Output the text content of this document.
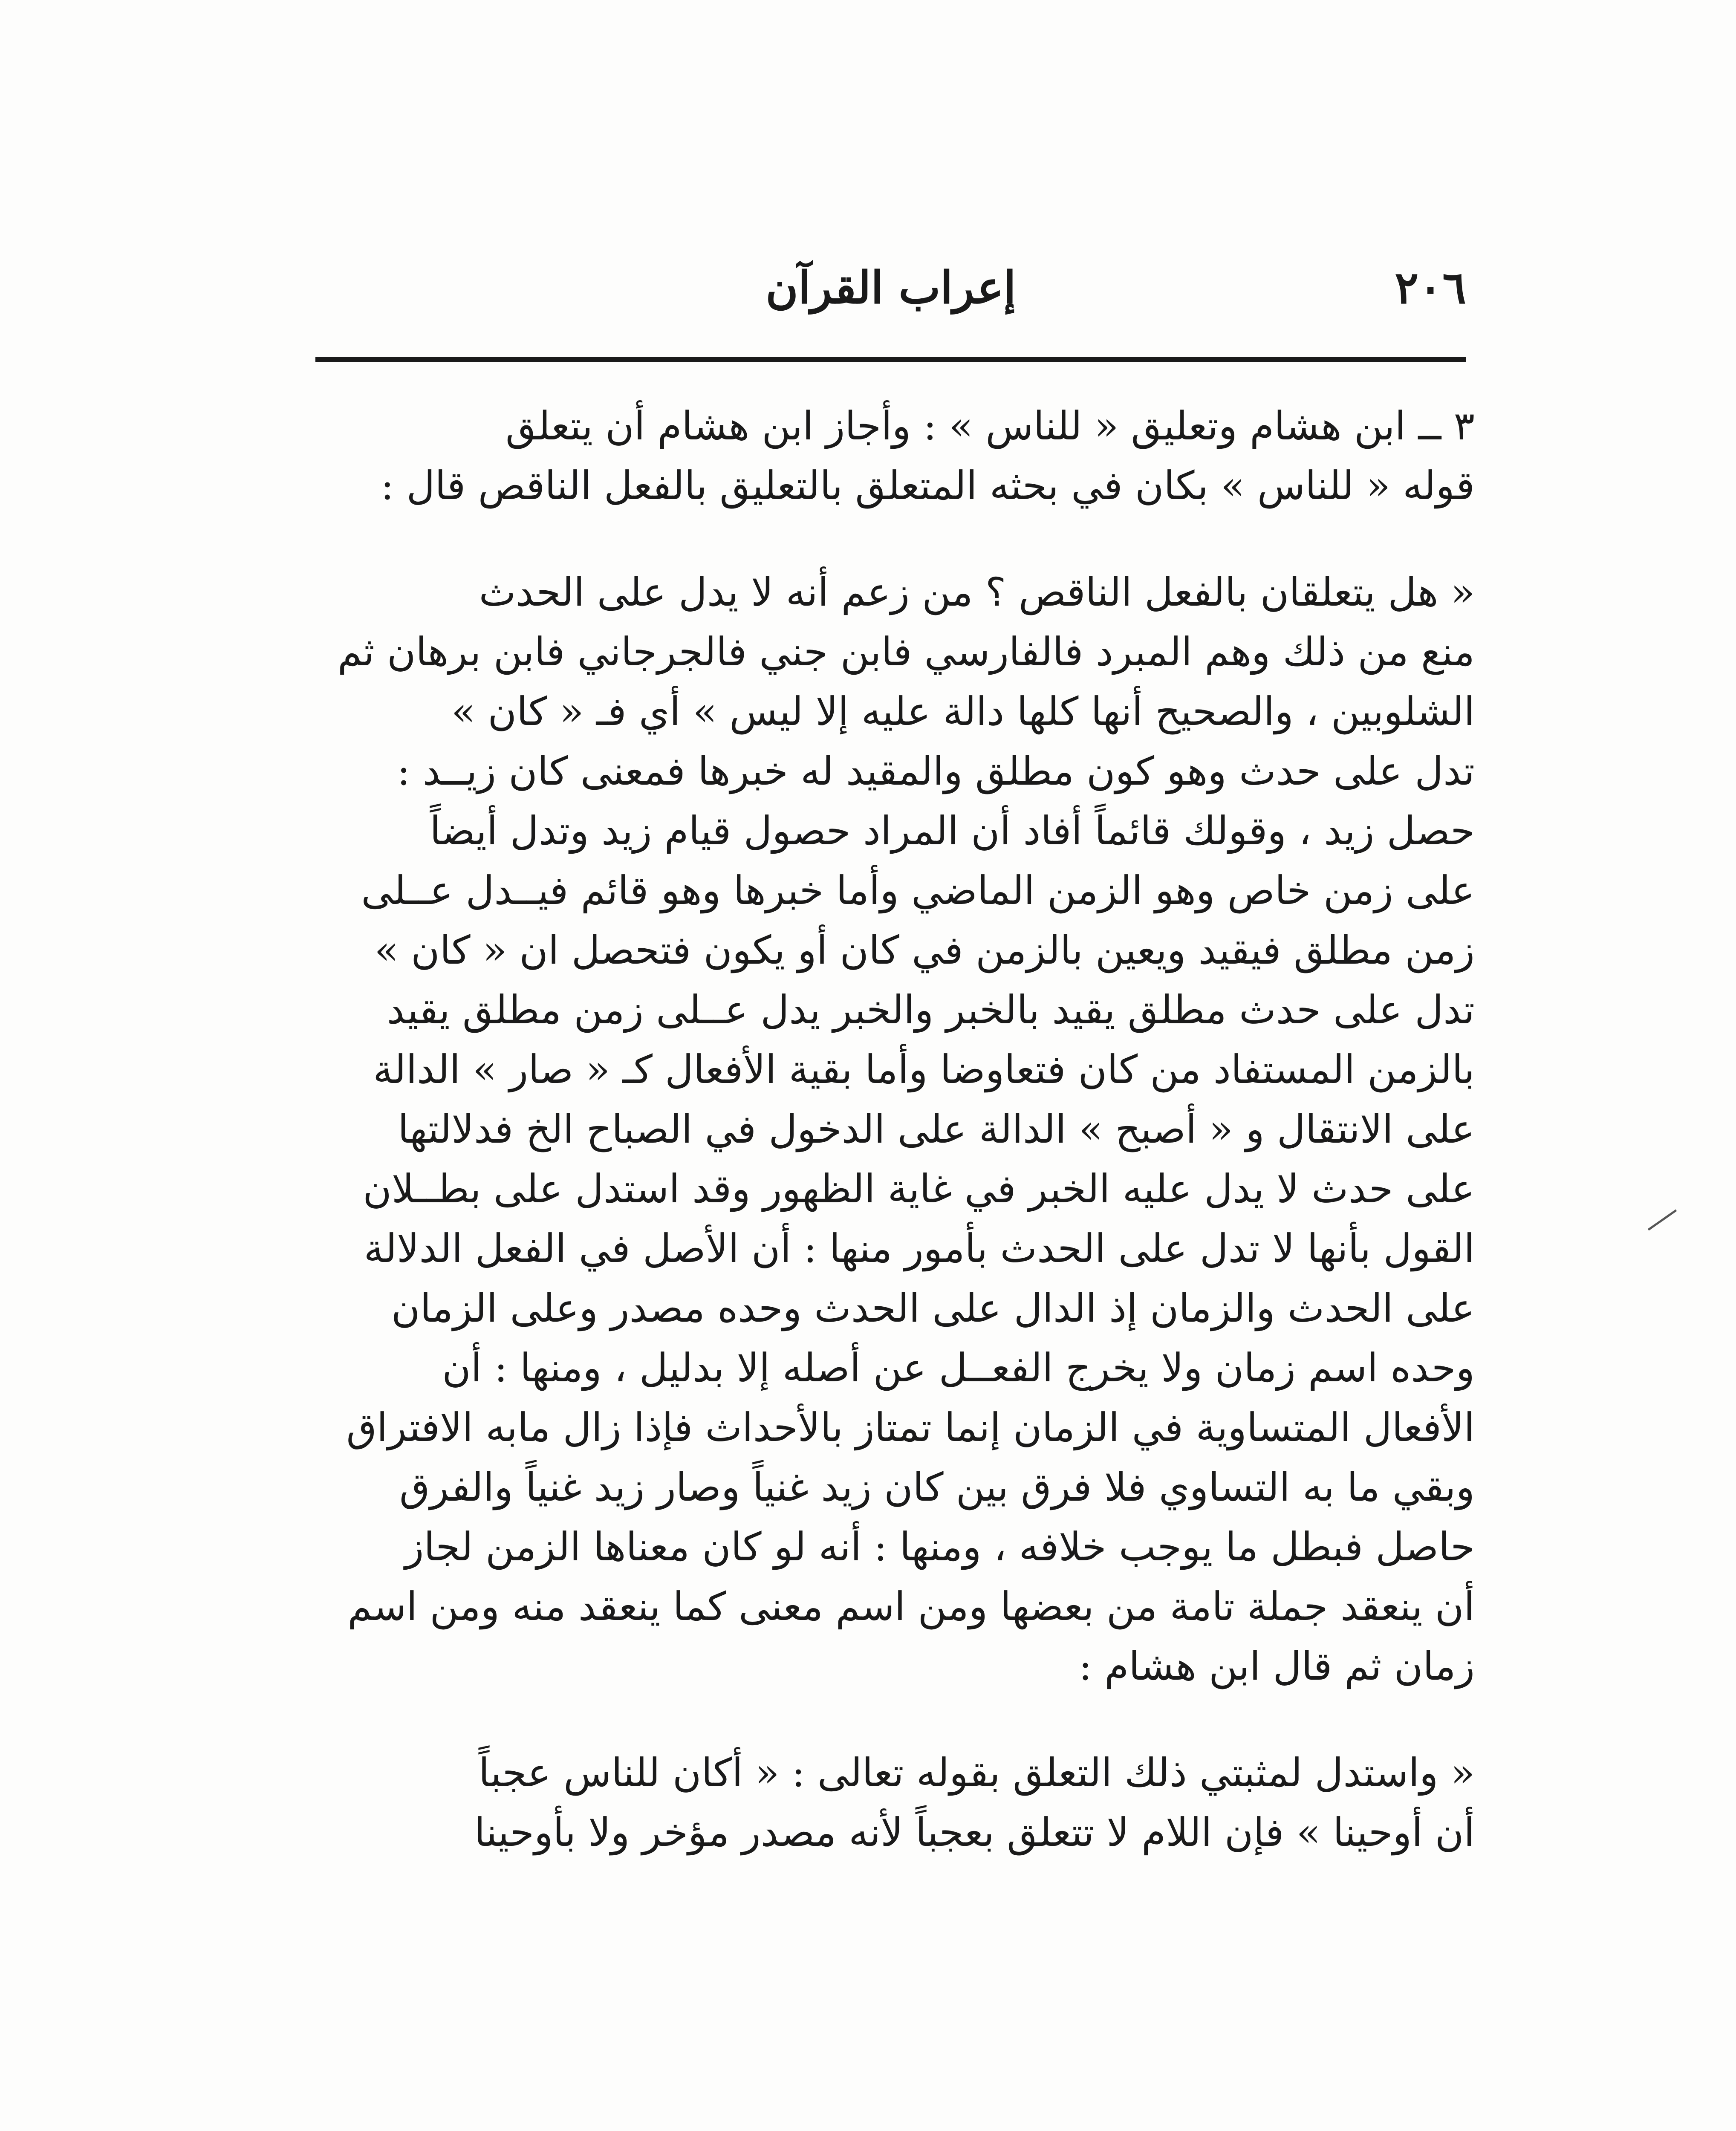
٢٠٦
إعراب القرآن

٣ ــ ابن هشام وتعليق « للناس » : وأجاز ابن هشام أن يتعلق
قوله « للناس » بكان في بحثه المتعلق بالتعليق بالفعل الناقص قال :

« هل يتعلقان بالفعل الناقص ؟ من زعم أنه لا يدل على الحدث
منع من ذلك وهم المبرد فالفارسي فابن جني فالجرجاني فابن برهان ثم
الشلوبين ، والصحيح أنها كلها دالة عليه إلا ليس » أي فـ « كان »
تدل على حدث وهو كون مطلق والمقيد له خبرها فمعنى كان زيــد :
حصل زيد ، وقولك قائماً أفاد أن المراد حصول قيام زيد وتدل أيضاً
على زمن خاص وهو الزمن الماضي وأما خبرها وهو قائم فيــدل عــلى
زمن مطلق فيقيد ويعين بالزمن في كان أو يكون فتحصل ان « كان »
تدل على حدث مطلق يقيد بالخبر والخبر يدل عــلى زمن مطلق يقيد
بالزمن المستفاد من كان فتعاوضا وأما بقية الأفعال كـ « صار » الدالة
على الانتقال و « أصبح » الدالة على الدخول في الصباح الخ فدلالتها
على حدث لا يدل عليه الخبر في غاية الظهور وقد استدل على بطــلان
القول بأنها لا تدل على الحدث بأمور منها : أن الأصل في الفعل الدلالة
على الحدث والزمان إذ الدال على الحدث وحده مصدر وعلى الزمان
وحده اسم زمان ولا يخرج الفعــل عن أصله إلا بدليل ، ومنها : أن
الأفعال المتساوية في الزمان إنما تمتاز بالأحداث فإذا زال مابه الافتراق
وبقي ما به التساوي فلا فرق بين كان زيد غنياً وصار زيد غنياً والفرق
حاصل فبطل ما يوجب خلافه ، ومنها : أنه لو كان معناها الزمن لجاز
أن ينعقد جملة تامة من بعضها ومن اسم معنى كما ينعقد منه ومن اسم
زمان ثم قال ابن هشام :

« واستدل لمثبتي ذلك التعلق بقوله تعالى : « أكان للناس عجباً
أن أوحينا » فإن اللام لا تتعلق بعجباً لأنه مصدر مؤخر ولا بأوحينا
